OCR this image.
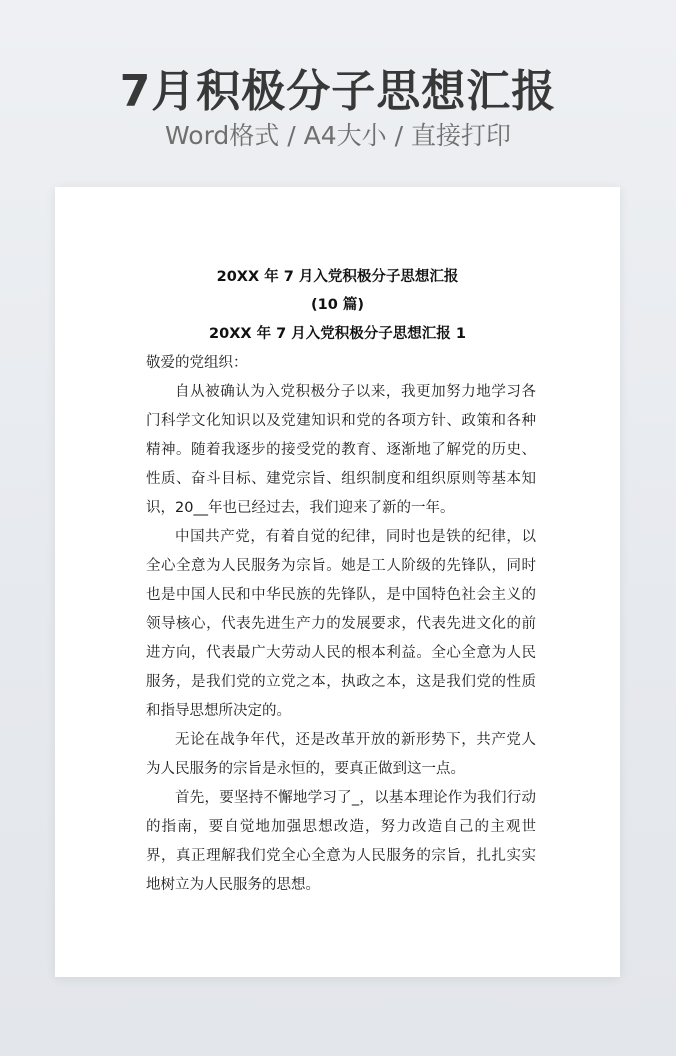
7月积极分子思想汇报
Word格式 / A4大小 / 直接打印
20XX 年 7 月入党积极分子思想汇报
(10 篇)
20XX 年 7 月入党积极分子思想汇报 1

敬爱的党组织：

自从被确认为入党积极分子以来，我更加努力地学习各门科学文化知识以及党建知识和党的各项方针、政策和各种精神。随着我逐步的接受党的教育、逐渐地了解党的历史、性质、奋斗目标、建党宗旨、组织制度和组织原则等基本知识，20__年也已经过去，我们迎来了新的一年。

中国共产党，有着自觉的纪律，同时也是铁的纪律，以全心全意为人民服务为宗旨。她是工人阶级的先锋队，同时也是中国人民和中华民族的先锋队，是中国特色社会主义的领导核心，代表先进生产力的发展要求，代表先进文化的前进方向，代表最广大劳动人民的根本利益。全心全意为人民服务，是我们党的立党之本，执政之本，这是我们党的性质和指导思想所决定的。

无论在战争年代，还是改革开放的新形势下，共产党人为人民服务的宗旨是永恒的，要真正做到这一点。

首先，要坚持不懈地学习了_，以基本理论作为我们行动的指南，要自觉地加强思想改造，努力改造自己的主观世界，真正理解我们党全心全意为人民服务的宗旨，扎扎实实地树立为人民服务的思想。
